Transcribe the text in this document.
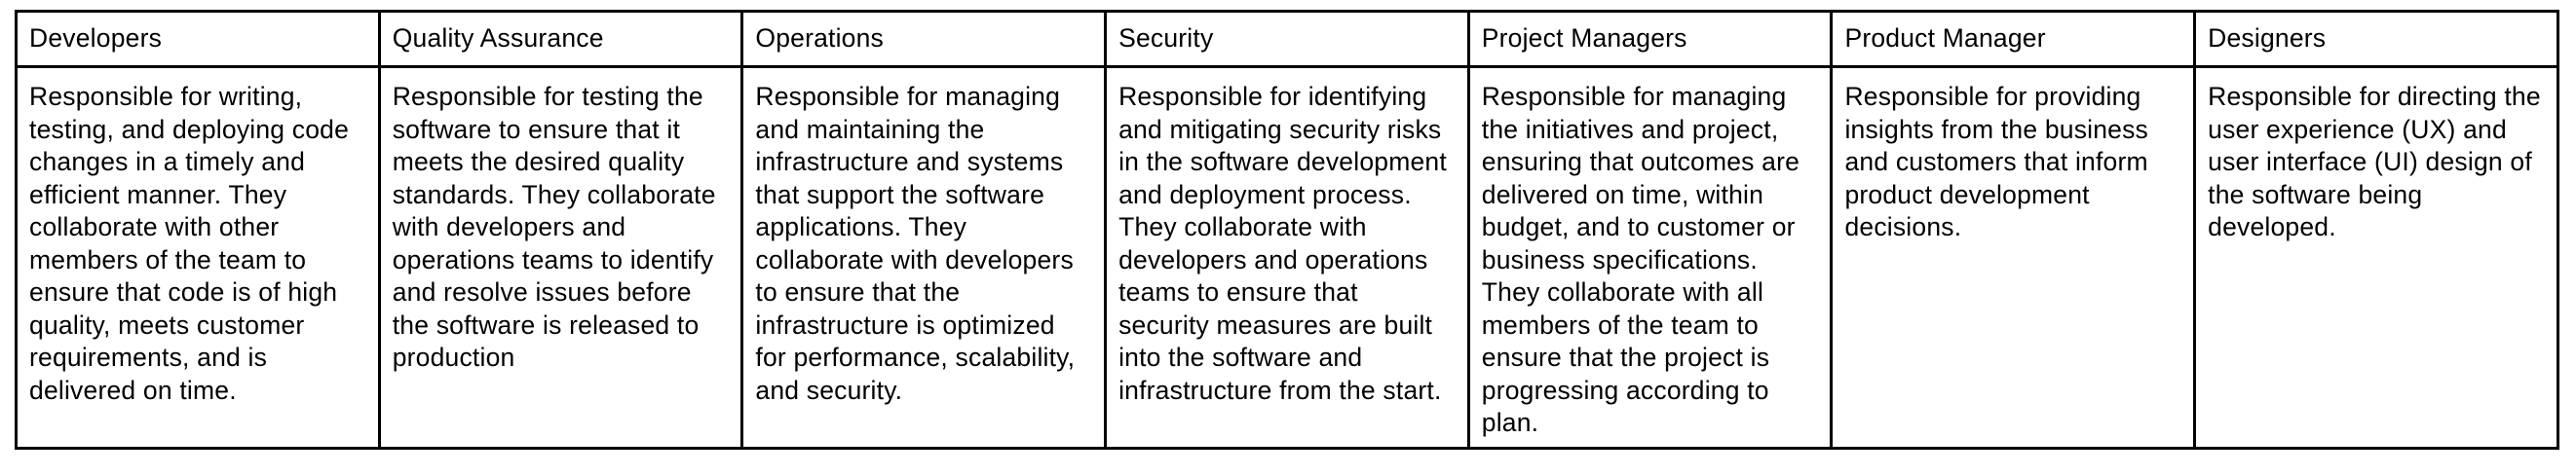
Developers	Quality Assurance	Operations	Security	Project Managers	Product Manager	Designers
Responsible for writing, testing, and deploying code changes in a timely and efficient manner. They collaborate with other members of the team to ensure that code is of high quality, meets customer requirements, and is delivered on time.	Responsible for testing the software to ensure that it meets the desired quality standards. They collaborate with developers and operations teams to identify and resolve issues before the software is released to production	Responsible for managing and maintaining the infrastructure and systems that support the software applications. They collaborate with developers to ensure that the infrastructure is optimized for performance, scalability, and security.	Responsible for identifying and mitigating security risks in the software development and deployment process. They collaborate with developers and operations teams to ensure that security measures are built into the software and infrastructure from the start.	Responsible for managing the initiatives and project, ensuring that outcomes are delivered on time, within budget, and to customer or business specifications. They collaborate with all members of the team to ensure that the project is progressing according to plan.	Responsible for providing insights from the business and customers that inform product development decisions.	Responsible for directing the user experience (UX) and user interface (UI) design of the software being developed.
